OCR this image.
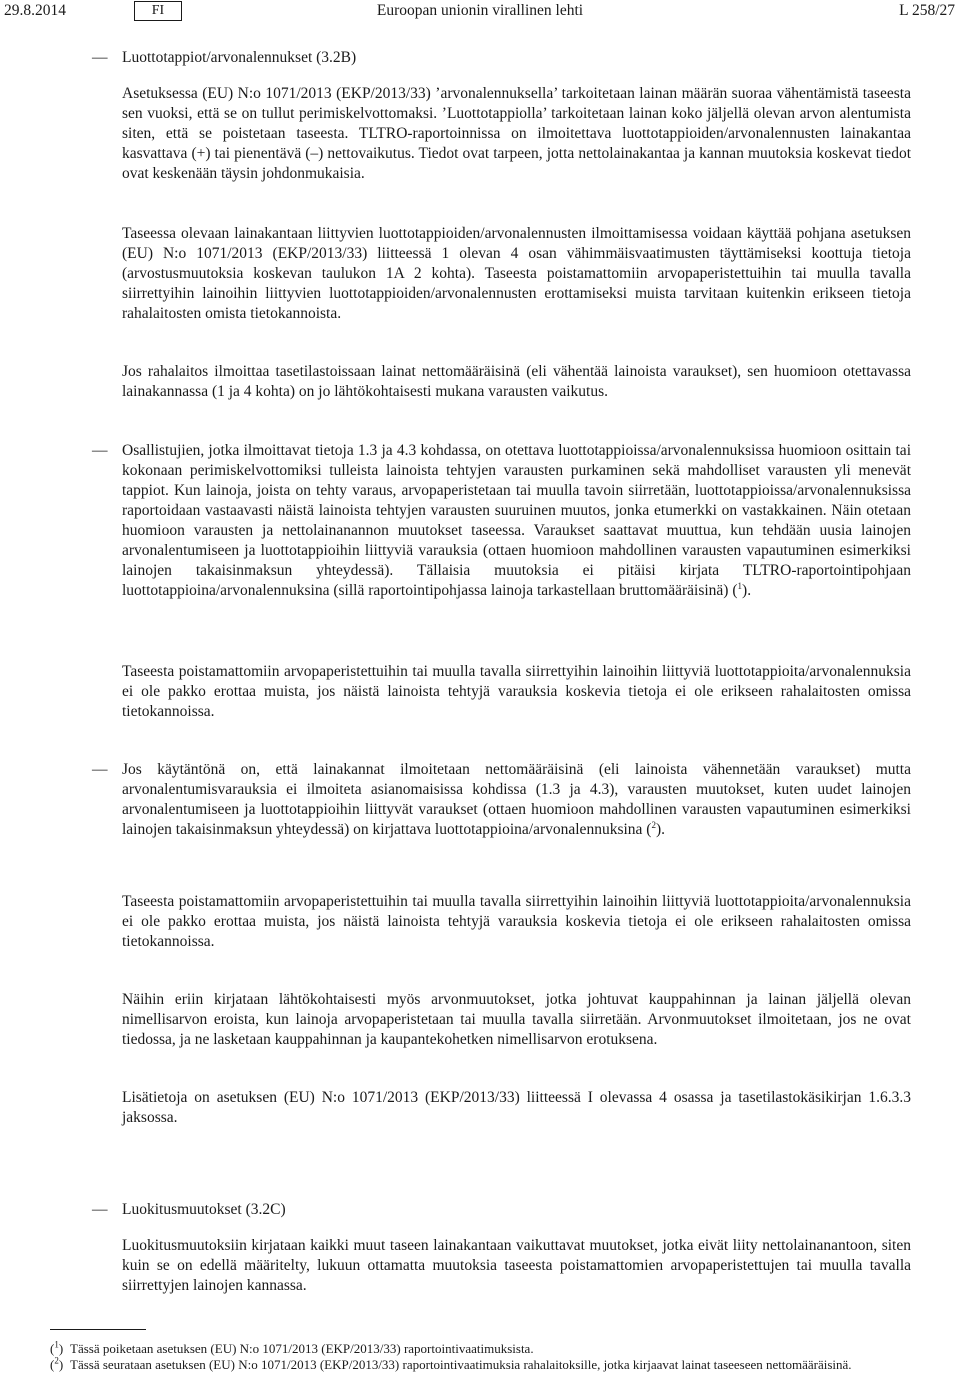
Euroopan unionin virallinen lehti
29.8.2014	FI	L 258/27
— Luottotappiot/arvonalennukset (3.2B)

Asetuksessa (EU) N:o 1071/2013 (EKP/2013/33) ’arvonalennuksella’ tarkoitetaan lainan määrän suoraa vähentämistä taseesta sen vuoksi, että se on tullut perimiskelvottomaksi. ’Luottotappiolla’ tarkoitetaan lainan koko jäljellä olevan arvon alentumista siten, että se poistetaan taseesta. TLTRO-raportoinnissa on ilmoitettava luottotappioiden/arvonalennusten lainakantaa kasvattava (+) tai pienentävä (–) nettovaikutus. Tiedot ovat tarpeen, jotta nettolainakantaa ja kannan muutoksia koskevat tiedot ovat keskenään täysin johdonmukaisia.

Taseessa olevaan lainakantaan liittyvien luottotappioiden/arvonalennusten ilmoittamisessa voidaan käyttää pohjana asetuksen (EU) N:o 1071/2013 (EKP/2013/33) liitteessä 1 olevan 4 osan vähimmäisvaatimusten täyttämiseksi koottuja tietoja (arvostusmuutoksia koskevan taulukon 1A 2 kohta). Taseesta poistamattomiin arvopaperistettuihin tai muulla tavalla siirrettyihin lainoihin liittyvien luottotappioiden/arvonalennusten erottamiseksi muista tarvitaan kuitenkin erikseen tietoja rahalaitosten omista tietokannoista.

Jos rahalaitos ilmoittaa tasetilastoissaan lainat nettomääräisinä (eli vähentää lainoista varaukset), sen huomioon otettavassa lainakannassa (1 ja 4 kohta) on jo lähtökohtaisesti mukana varausten vaikutus.

— Osallistujien, jotka ilmoittavat tietoja 1.3 ja 4.3 kohdassa, on otettava luottotappioissa/arvonalennuksissa huomioon osittain tai kokonaan perimiskelvottomiksi tulleista lainoista tehtyjen varausten purkaminen sekä mahdolliset varausten yli menevät tappiot. Kun lainoja, joista on tehty varaus, arvopaperistetaan tai muulla tavoin siirretään, luottotappioissa/arvonalennuksissa raportoidaan vastaavasti näistä lainoista tehtyjen varausten suuruinen muutos, jonka etumerkki on vastakkainen. Näin otetaan huomioon varausten ja nettolainanannon muutokset taseessa. Varaukset saattavat muuttua, kun tehdään uusia lainojen arvonalentumiseen ja luottotappioihin liittyviä varauksia (ottaen huomioon mahdollinen varausten vapautuminen esimerkiksi lainojen takaisinmaksun yhteydessä). Tällaisia muutoksia ei pitäisi kirjata TLTRO-raportointipohjaan luottotappioina/arvonalennuksina (sillä raportointipohjassa lainoja tarkastellaan bruttomääräisinä) ($^1$).

Taseesta poistamattomiin arvopaperistettuihin tai muulla tavalla siirrettyihin lainoihin liittyviä luottotappioita/arvonalennuksia ei ole pakko erottaa muista, jos näistä lainoista tehtyjä varauksia koskevia tietoja ei ole erikseen rahalaitosten omissa tietokannoissa.

— Jos käytäntönä on, että lainakannat ilmoitetaan nettomääräisinä (eli lainoista vähennetään varaukset) mutta arvonalentumisvarauksia ei ilmoiteta asianomaisissa kohdissa (1.3 ja 4.3), varausten muutokset, kuten uudet lainojen arvonalentumiseen ja luottotappioihin liittyvät varaukset (ottaen huomioon mahdollinen varausten vapautuminen esimerkiksi lainojen takaisinmaksun yhteydessä) on kirjattava luottotappioina/arvonalennuksina ($^2$).

Taseesta poistamattomiin arvopaperistettuihin tai muulla tavalla siirrettyihin lainoihin liittyviä luottotappioita/arvonalennuksia ei ole pakko erottaa muista, jos näistä lainoista tehtyjä varauksia koskevia tietoja ei ole erikseen rahalaitosten omissa tietokannoissa.

Näihin eriin kirjataan lähtökohtaisesti myös arvonmuutokset, jotka johtuvat kauppahinnan ja lainan jäljellä olevan nimellisarvon eroista, kun lainoja arvopaperistetaan tai muulla tavalla siirretään. Arvonmuutokset ilmoitetaan, jos ne ovat tiedossa, ja ne lasketaan kauppahinnan ja kaupantekohetken nimellisarvon erotuksena.

Lisätietoja on asetuksen (EU) N:o 1071/2013 (EKP/2013/33) liitteessä I olevassa 4 osassa ja tasetilastokäsikirjan 1.6.3.3 jaksossa.

— Luokitusmuutokset (3.2C)

Luokitusmuutoksiin kirjataan kaikki muut taseen lainakantaan vaikuttavat muutokset, jotka eivät liity nettolainanantoon, siten kuin se on edellä määritelty, lukuun ottamatta muutoksia taseesta poistamattomien arvopaperistettujen tai muulla tavalla siirrettyjen lainojen kannassa.

($^1$) Tässä poiketaan asetuksen (EU) N:o 1071/2013 (EKP/2013/33) raportointivaatimuksista.
($^2$) Tässä seurataan asetuksen (EU) N:o 1071/2013 (EKP/2013/33) raportointivaatimuksia rahalaitoksille, jotka kirjaavat lainat taseeseen nettomääräisinä.
